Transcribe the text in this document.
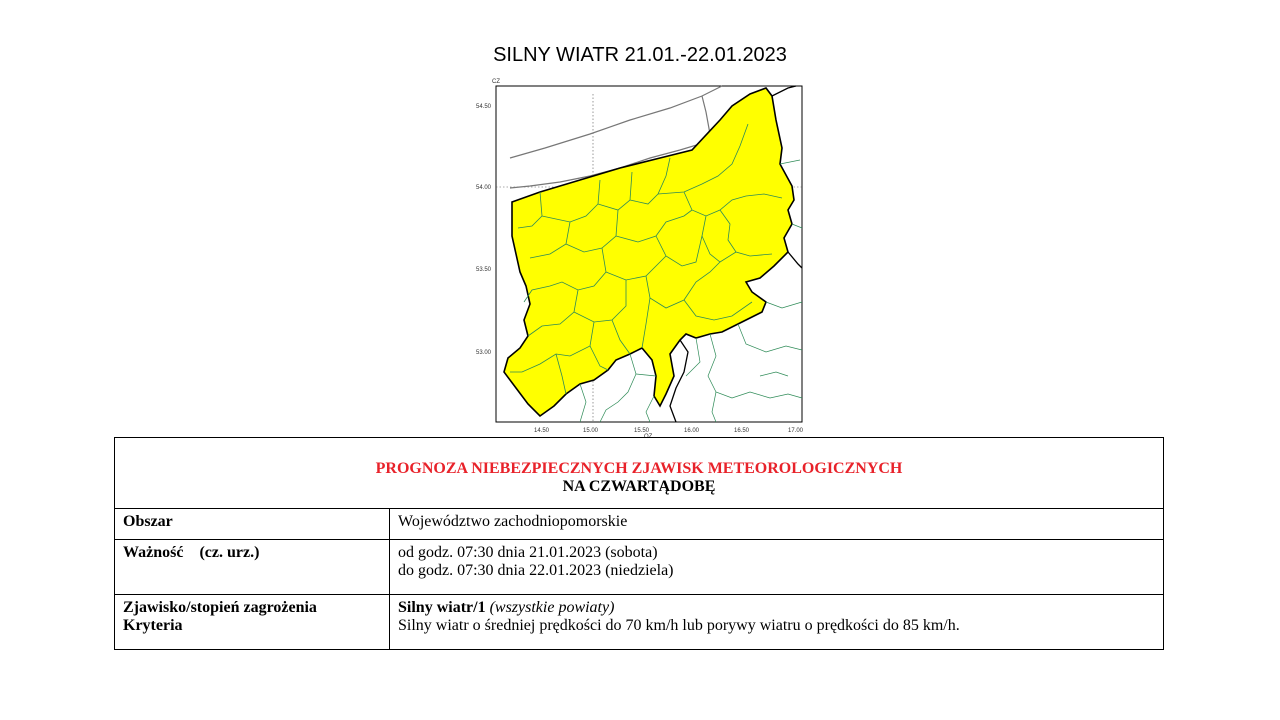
SILNY WIATR 21.01.-22.01.2023
CZ
54.50
54.00
53.50
53.00
14.50	15.00	15.50	16.00	16.50	17.00
OZ
PROGNOZA NIEBEZPIECZNYCH ZJAWISK METEOROLOGICZNYCH
NA CZWARTĄDOBĘ	

Obszar	Województwo zachodniopomorskie

Ważność    (cz. urz.)	od godz. 07:30 dnia 21.01.2023 (sobota)
do godz. 07:30 dnia 22.01.2023 (niedziela)

Zjawisko/stopień zagrożenia
Kryteria	Silny wiatr/1 (wszystkie powiaty)
Silny wiatr o średniej prędkości do 70 km/h lub porywy wiatru o prędkości do 85 km/h.
